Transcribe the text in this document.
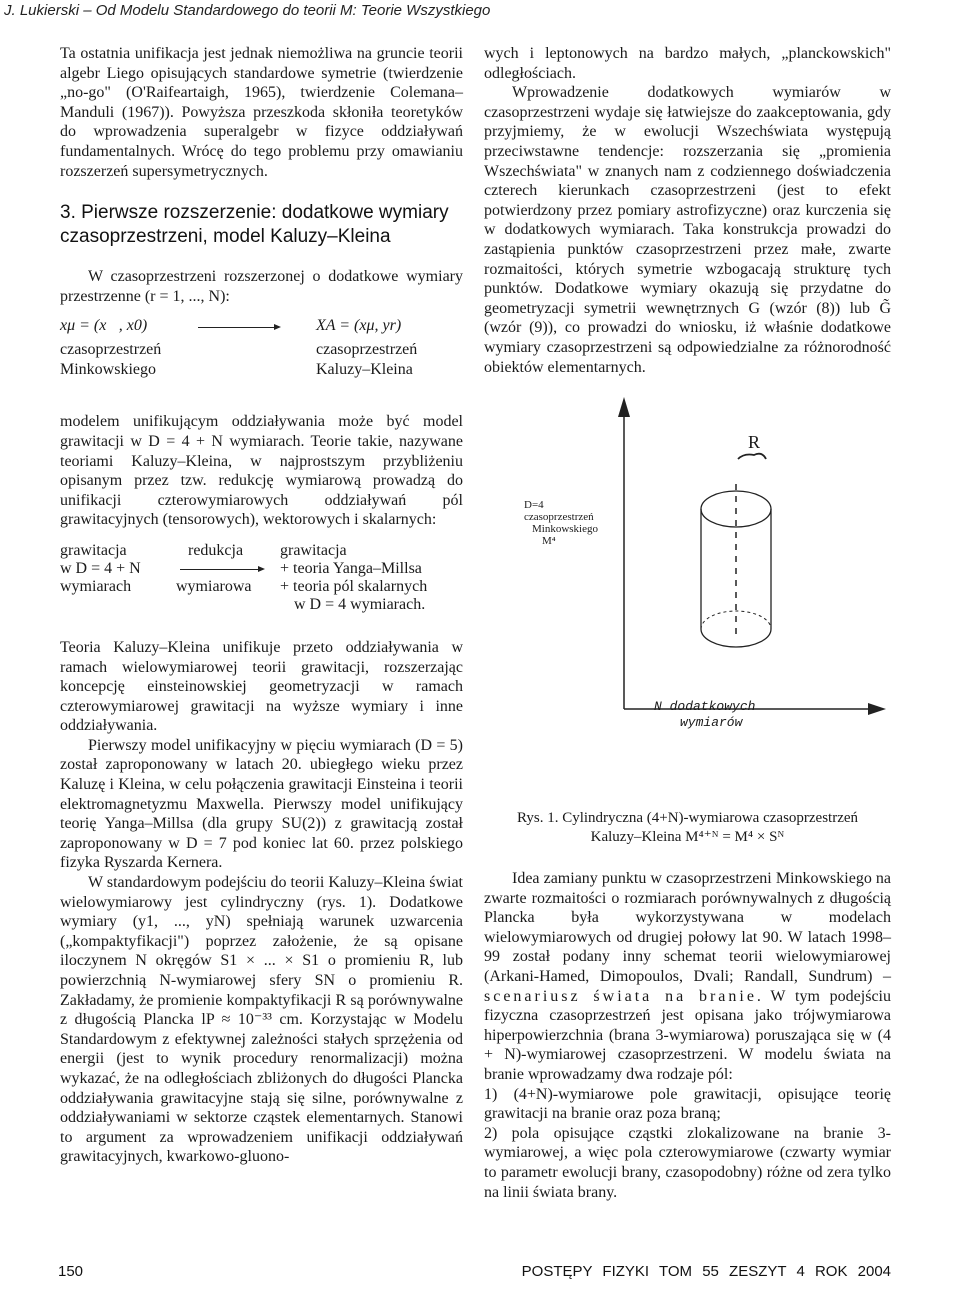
J. Lukierski – Od Modelu Standardowego do teorii M: Teorie Wszystkiego

Ta ostatnia unifikacja jest jednak niemożliwa na gruncie teorii algebr Liego opisujących standardowe symetrie (twierdzenie „no-go" (O'Raifeartaigh, 1965), twierdzenie Colemana–Manduli (1967)). Powyższa przeszkoda skłoniła teoretyków do wprowadzenia superalgebr w fizyce oddziaływań fundamentalnych. Wrócę do tego problemu przy omawianiu rozszerzeń supersymetrycznych.

3. Pierwsze rozszerzenie: dodatkowe wymiary czasoprzestrzeni, model Kaluzy–Kleina

W czasoprzestrzeni rozszerzonej o dodatkowe wymiary przestrzenne (r = 1, ..., N):

xμ = (x⃗, x0)	XA = (xμ, yr)
czasoprzestrzeń
Minkowskiego
czasoprzestrzeń
Kaluzy–Kleina

modelem unifikującym oddziaływania może być model grawitacji w D = 4 + N wymiarach. Teorie takie, nazywane teoriami Kaluzy–Kleina, w najprostszym przybliżeniu opisanym przez tzw. redukcję wymiarową prowadzą do unifikacji czterowymiarowych oddziaływań pól grawitacyjnych (tensorowych), wektorowych i skalarnych:

grawitacja
w D = 4 + N
wymiarach
redukcja
wymiarowa
grawitacja
+ teoria Yanga–Millsa
+ teoria pól skalarnych
w D = 4 wymiarach.

Teoria Kaluzy–Kleina unifikuje przeto oddziaływania w ramach wielowymiarowej teorii grawitacji, rozszerzając koncepcję einsteinowskiej geometryzacji w ramach czterowymiarowej grawitacji na wyższe wymiary i inne oddziaływania.

Pierwszy model unifikacyjny w pięciu wymiarach (D = 5) został zaproponowany w latach 20. ubiegłego wieku przez Kaluzę i Kleina, w celu połączenia grawitacji Einsteina i teorii elektromagnetyzmu Maxwella. Pierwszy model unifikujący teorię Yanga–Millsa (dla grupy SU(2)) z grawitacją został zaproponowany w D = 7 pod koniec lat 60. przez polskiego fizyka Ryszarda Kernera.

W standardowym podejściu do teorii Kaluzy–Kleina świat wielowymiarowy jest cylindryczny (rys. 1). Dodatkowe wymiary (y1, ..., yN) spełniają warunek uzwarcenia („kompaktyfikacji") poprzez założenie, że są opisane iloczynem N okręgów S1 × ... × S1 o promieniu R, lub powierzchnią N-wymiarowej sfery SN o promieniu R. Zakładamy, że promienie kompaktyfikacji R są porównywalne z długością Plancka lP ≈ 10⁻³³ cm. Korzystając w Modelu Standardowym z efektywnej zależności stałych sprzężenia od energii (jest to wynik procedury renormalizacji) można wykazać, że na odległościach zbliżonych do długości Plancka oddziaływania grawitacyjne stają się silne, porównywalne z oddziaływaniami w sektorze cząstek elementarnych. Stanowi to argument za wprowadzeniem unifikacji oddziaływań grawitacyjnych, kwarkowo-gluono-

wych i leptonowych na bardzo małych, „planckowskich" odległościach.

Wprowadzenie dodatkowych wymiarów w czasoprzestrzeni wydaje się łatwiejsze do zaakceptowania, gdy przyjmiemy, że w ewolucji Wszechświata występują przeciwstawne tendencje: rozszerzania się „promienia Wszechświata" w znanych nam z codziennego doświadczenia czterech kierunkach czasoprzestrzeni (jest to efekt potwierdzony przez pomiary astrofizyczne) oraz kurczenia się w dodatkowych wymiarach. Taka konstrukcja prowadzi do zastąpienia punktów czasoprzestrzeni przez małe, zwarte rozmaitości, których symetrie wzbogacają strukturę tych punktów. Dodatkowe wymiary okazują się przydatne do geometryzacji symetrii wewnętrznych G (wzór (8)) lub G̃ (wzór (9)), co prowadzi do wniosku, iż właśnie dodatkowe wymiary czasoprzestrzeni są odpowiedzialne za różnorodność obiektów elementarnych.

D=4
czasoprzestrzeń
Minkowskiego
M⁴
R
N dodatkowych
wymiarów

Rys. 1. Cylindryczna (4+N)-wymiarowa czasoprzestrzeń
Kaluzy–Kleina M⁴⁺ᴺ = M⁴ × Sᴺ

Idea zamiany punktu w czasoprzestrzeni Minkowskiego na zwarte rozmaitości o rozmiarach porównywalnych z długością Plancka była wykorzystywana w modelach wielowymiarowych od drugiej połowy lat 90. W latach 1998–99 został podany inny schemat teorii wielowymiarowej (Arkani-Hamed, Dimopoulos, Dvali; Randall, Sundrum) – scenariusz świata na branie. W tym podejściu fizyczna czasoprzestrzeń jest opisana jako trójwymiarowa hiperpowierzchnia (brana 3-wymiarowa) poruszająca się w (4 + N)-wymiarowej czasoprzestrzeni. W modelu świata na branie wprowadzamy dwa rodzaje pól:

1) (4+N)-wymiarowe pole grawitacji, opisujące teorię grawitacji na branie oraz poza braną;

2) pola opisujące cząstki zlokalizowane na branie 3-wymiarowej, a więc pola czterowymiarowe (czwarty wymiar to parametr ewolucji brany, czasopodobny) różne od zera tylko na linii świata brany.

150	POSTĘPY FIZYKI TOM 55 ZESZYT 4 ROK 2004
